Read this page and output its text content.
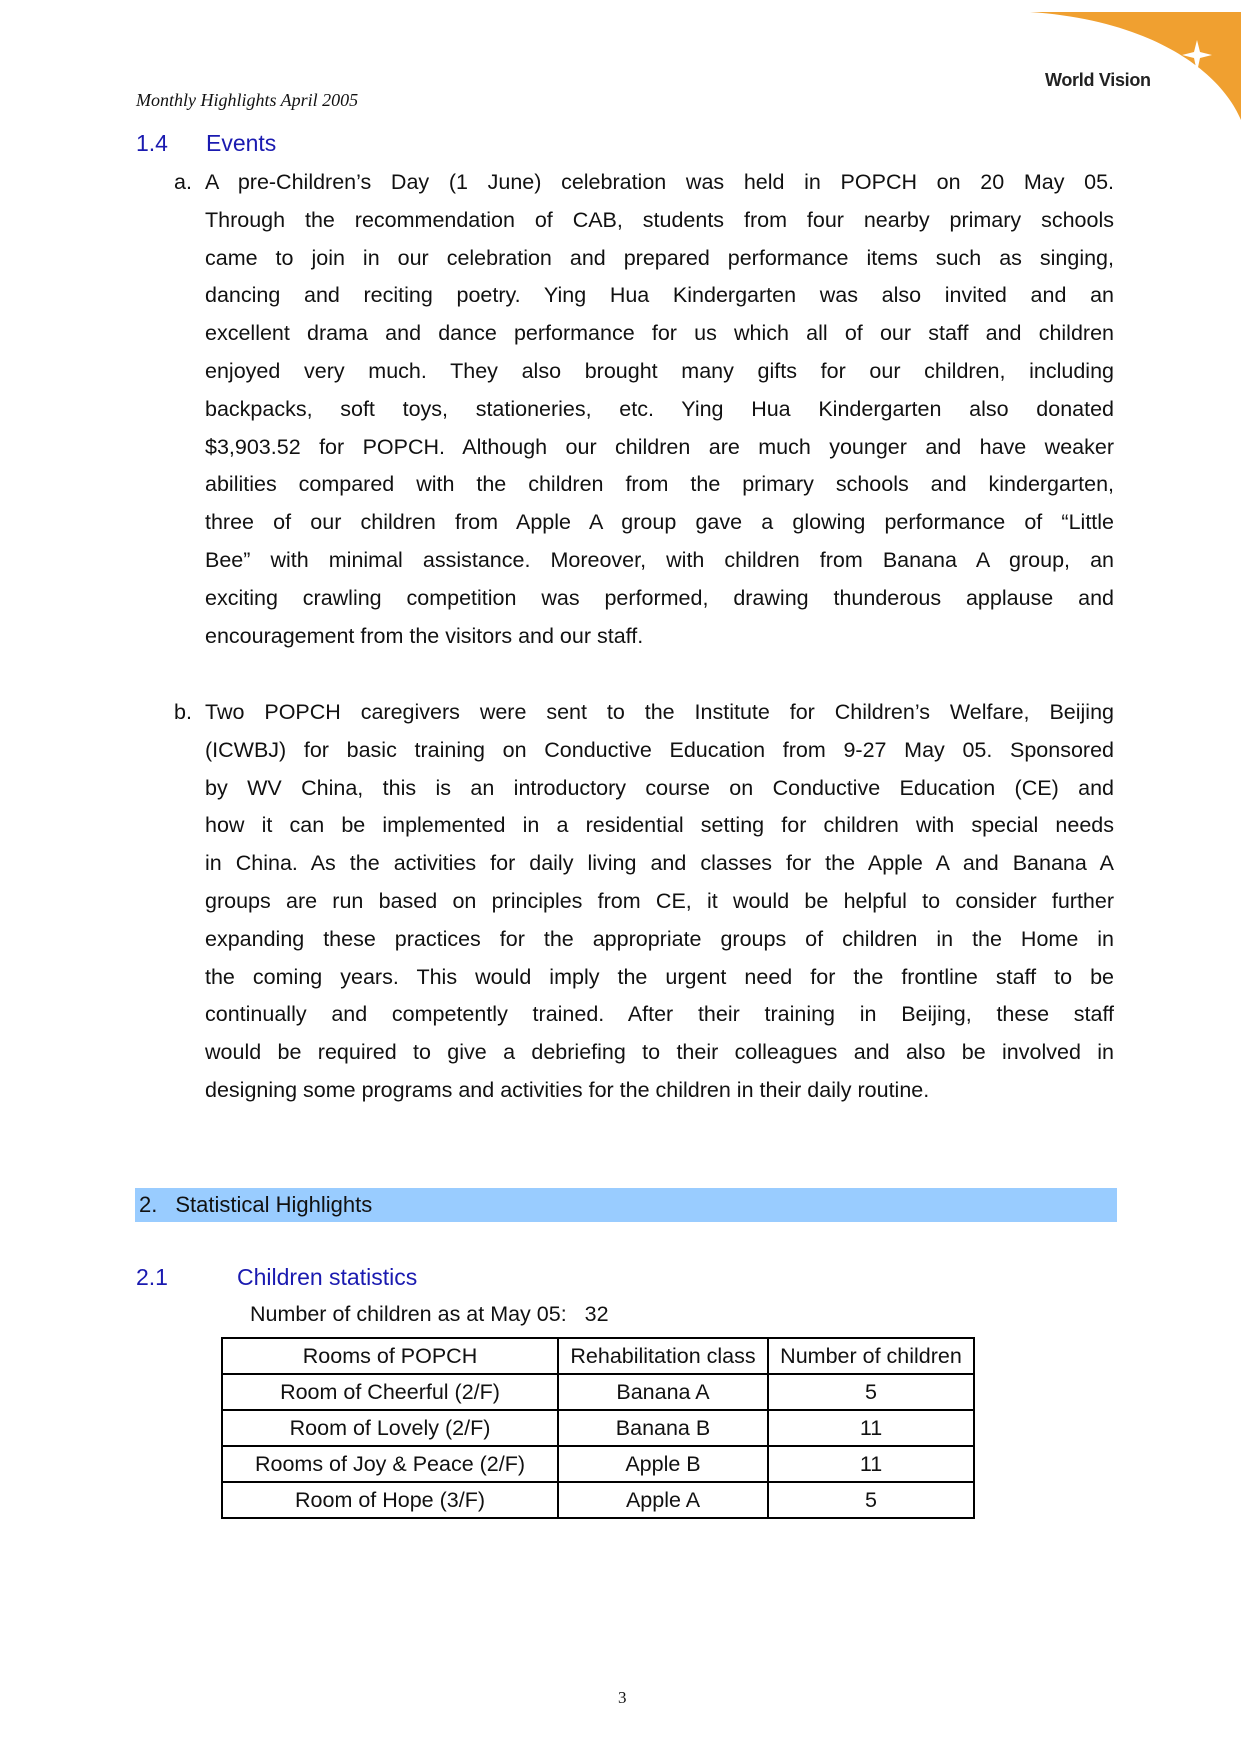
World Vision
Monthly Highlights April 2005
1.4 Events
a. A pre-Children’s Day (1 June) celebration was held in POPCH on 20 May 05.
Through the recommendation of CAB, students from four nearby primary schools
came to join in our celebration and prepared performance items such as singing,
dancing and reciting poetry. Ying Hua Kindergarten was also invited and an
excellent drama and dance performance for us which all of our staff and children
enjoyed very much. They also brought many gifts for our children, including
backpacks, soft toys, stationeries, etc. Ying Hua Kindergarten also donated
$3,903.52 for POPCH. Although our children are much younger and have weaker
abilities compared with the children from the primary schools and kindergarten,
three of our children from Apple A group gave a glowing performance of “Little
Bee” with minimal assistance. Moreover, with children from Banana A group, an
exciting crawling competition was performed, drawing thunderous applause and
encouragement from the visitors and our staff.
b. Two POPCH caregivers were sent to the Institute for Children’s Welfare, Beijing
(ICWBJ) for basic training on Conductive Education from 9-27 May 05. Sponsored
by WV China, this is an introductory course on Conductive Education (CE) and
how it can be implemented in a residential setting for children with special needs
in China. As the activities for daily living and classes for the Apple A and Banana A
groups are run based on principles from CE, it would be helpful to consider further
expanding these practices for the appropriate groups of children in the Home in
the coming years. This would imply the urgent need for the frontline staff to be
continually and competently trained. After their training in Beijing, these staff
would be required to give a debriefing to their colleagues and also be involved in
designing some programs and activities for the children in their daily routine.
2. Statistical Highlights
2.1	Children statistics
Number of children as at May 05: 32
Rooms of POPCH	Rehabilitation class	Number of children
Room of Cheerful (2/F)	Banana A	5
Room of Lovely (2/F)	Banana B	11
Rooms of Joy & Peace (2/F)	Apple B	11
Room of Hope (3/F)	Apple A	5
3
